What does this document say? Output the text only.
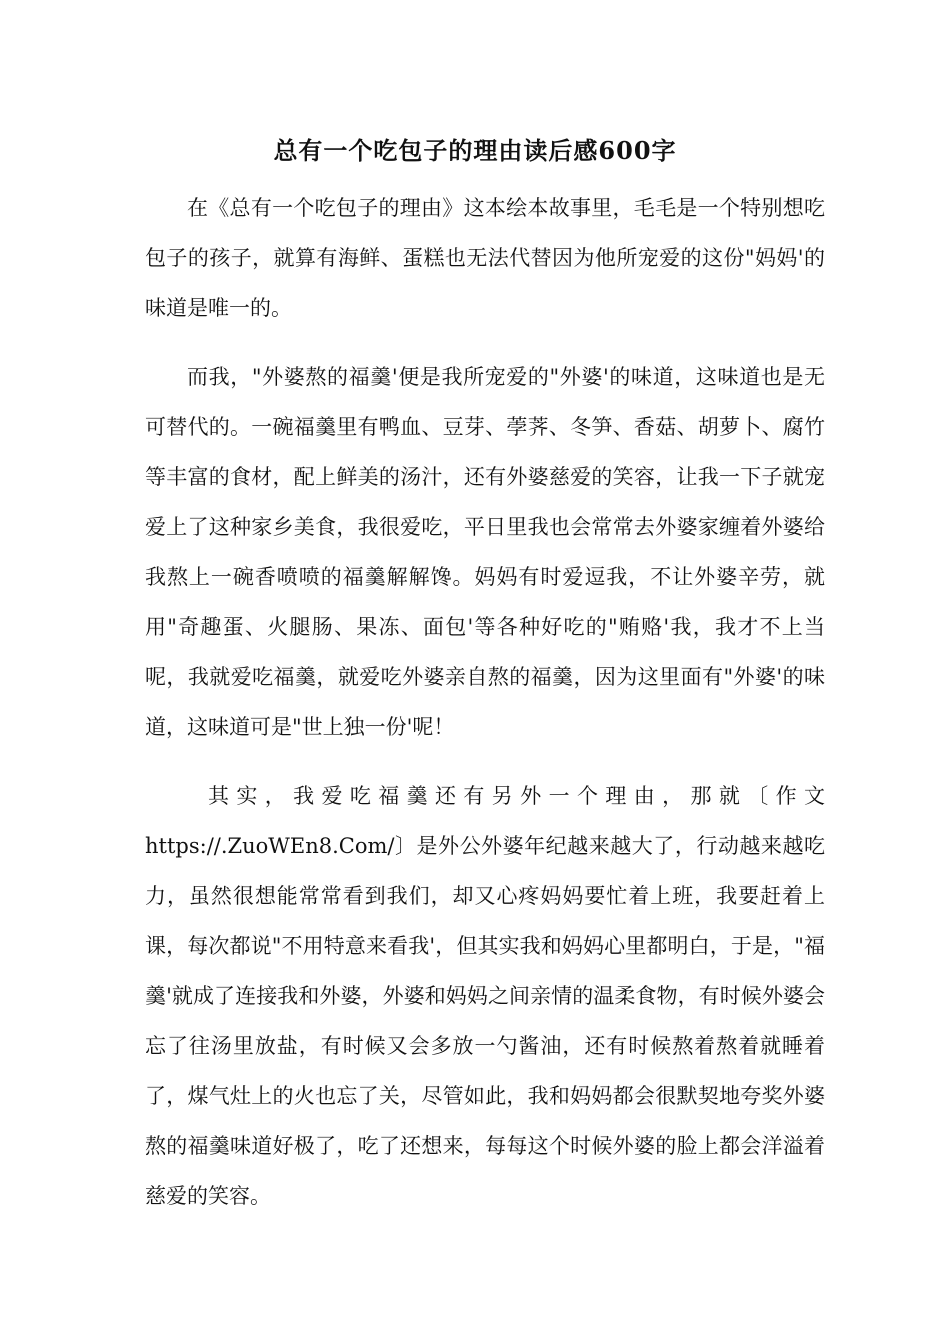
总有一个吃包子的理由读后感600字

在《总有一个吃包子的理由》这本绘本故事里，毛毛是一个特别想吃包子的孩子，就算有海鲜、蛋糕也无法代替因为他所宠爱的这份"妈妈'的味道是唯一的。

而我，"外婆熬的福羹'便是我所宠爱的"外婆'的味道，这味道也是无可替代的。一碗福羹里有鸭血、豆芽、荸荠、冬笋、香菇、胡萝卜、腐竹等丰富的食材，配上鲜美的汤汁，还有外婆慈爱的笑容，让我一下子就宠爱上了这种家乡美食，我很爱吃，平日里我也会常常去外婆家缠着外婆给我熬上一碗香喷喷的福羹解解馋。妈妈有时爱逗我，不让外婆辛劳，就用"奇趣蛋、火腿肠、果冻、面包'等各种好吃的"贿赂'我，我才不上当呢，我就爱吃福羹，就爱吃外婆亲自熬的福羹，因为这里面有"外婆'的味道，这味道可是"世上独一份'呢！

其实，我爱吃福羹还有另外一个理由，那就〔作文https://.ZuoWEn8.Com/〕是外公外婆年纪越来越大了，行动越来越吃力，虽然很想能常常看到我们，却又心疼妈妈要忙着上班，我要赶着上课，每次都说"不用特意来看我'，但其实我和妈妈心里都明白，于是，"福羹'就成了连接我和外婆，外婆和妈妈之间亲情的温柔食物，有时候外婆会忘了往汤里放盐，有时候又会多放一勺酱油，还有时候熬着熬着就睡着了，煤气灶上的火也忘了关，尽管如此，我和妈妈都会很默契地夸奖外婆熬的福羹味道好极了，吃了还想来，每每这个时候外婆的脸上都会洋溢着慈爱的笑容。
